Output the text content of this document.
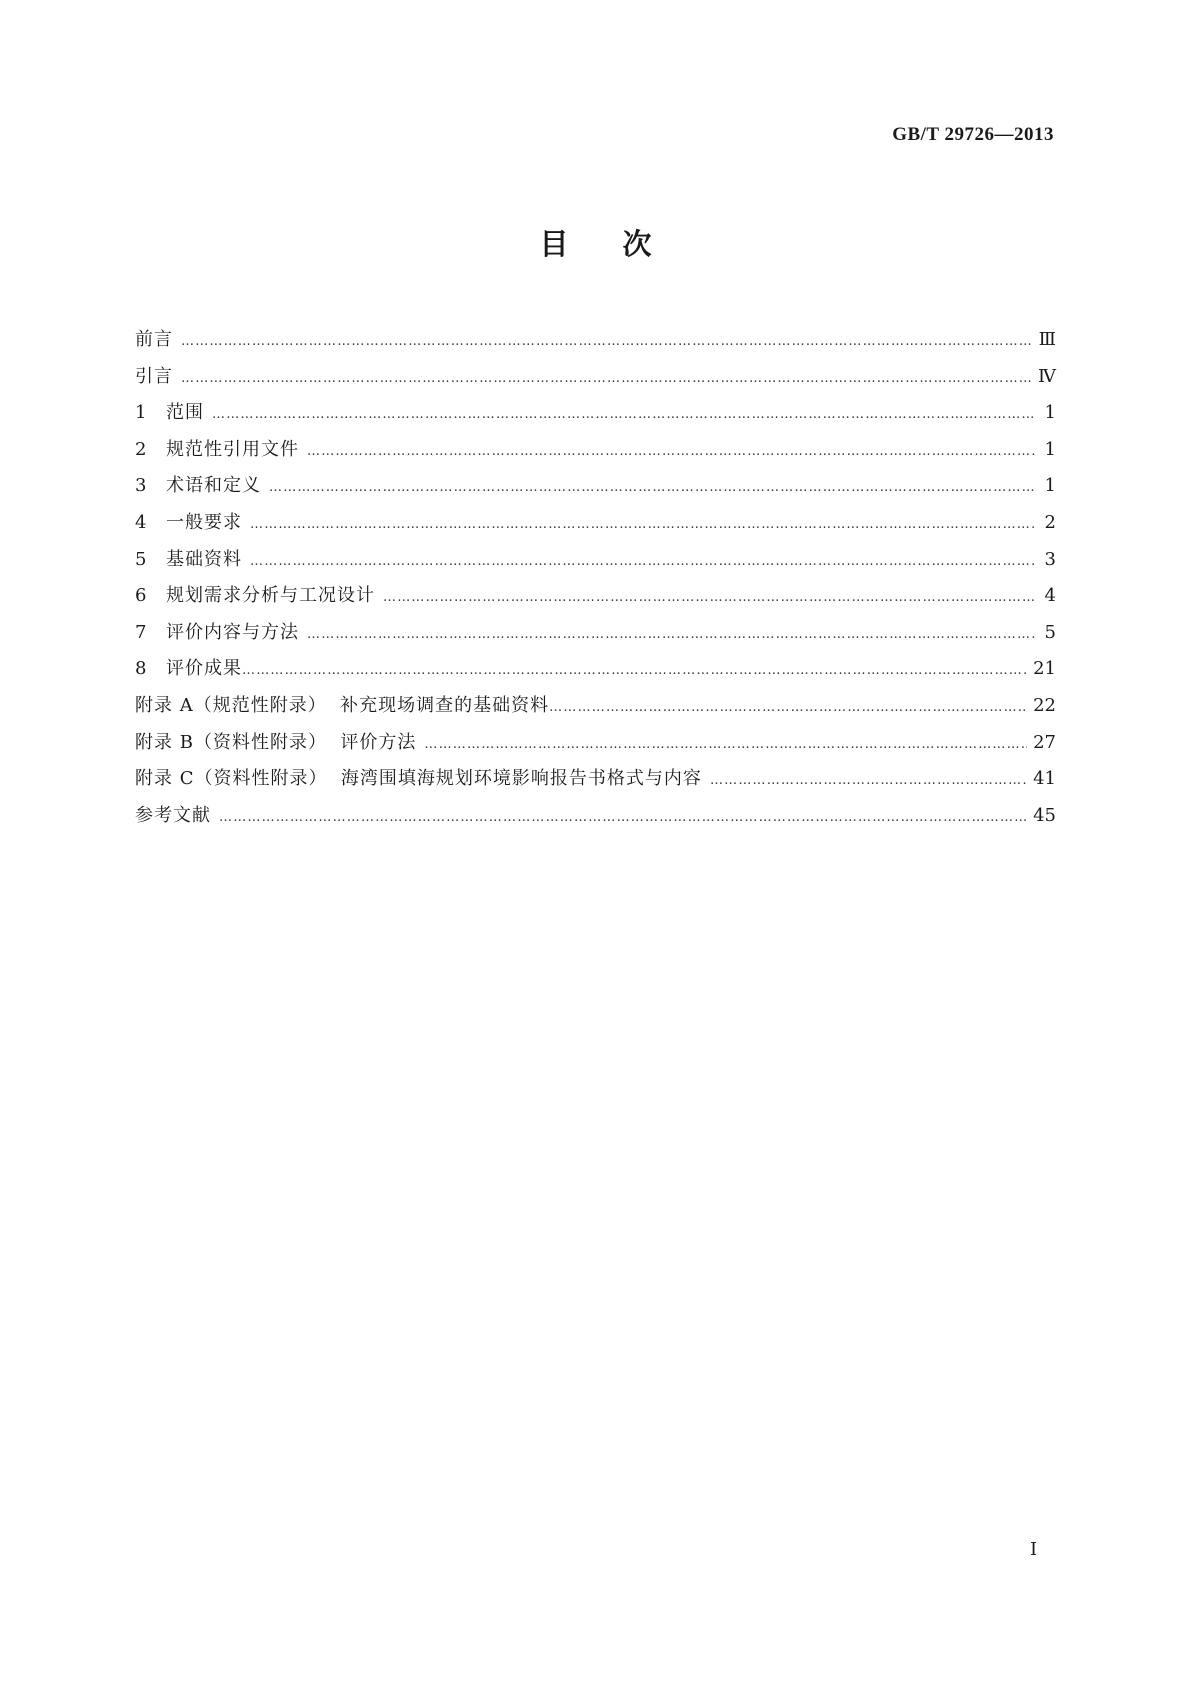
GB/T 29726—2013
目次
前言 ……………………………………………………………………………………………………………………………………………………………………………………………………………………………	Ⅲ
引言 ……………………………………………………………………………………………………………………………………………………………………………………………………………………………	Ⅳ
1	范围 ……………………………………………………………………………………………………………………………………………………………………………………………………………………………	1
2	规范性引用文件 ……………………………………………………………………………………………………………………………………………………………………………………………………………………………	1
3	术语和定义 ……………………………………………………………………………………………………………………………………………………………………………………………………………………………	1
4	一般要求 ……………………………………………………………………………………………………………………………………………………………………………………………………………………………	2
5	基础资料 ……………………………………………………………………………………………………………………………………………………………………………………………………………………………	3
6	规划需求分析与工况设计 ……………………………………………………………………………………………………………………………………………………………………………………………………………………………	4
7	评价内容与方法 ……………………………………………………………………………………………………………………………………………………………………………………………………………………………	5
8	评价成果 ……………………………………………………………………………………………………………………………………………………………………………………………………………………………	21
附录 A（规范性附录）  补充现场调查的基础资料 ……………………………………………………………………………………………………………………………………………………………………………………………………………………………	22
附录 B（资料性附录）  评价方法 ……………………………………………………………………………………………………………………………………………………………………………………………………………………………	27
附录 C（资料性附录）  海湾围填海规划环境影响报告书格式与内容 ……………………………………………………………………………………………………………………………………………………………………………………………………………………………	41
参考文献 ……………………………………………………………………………………………………………………………………………………………………………………………………………………………	45
I
